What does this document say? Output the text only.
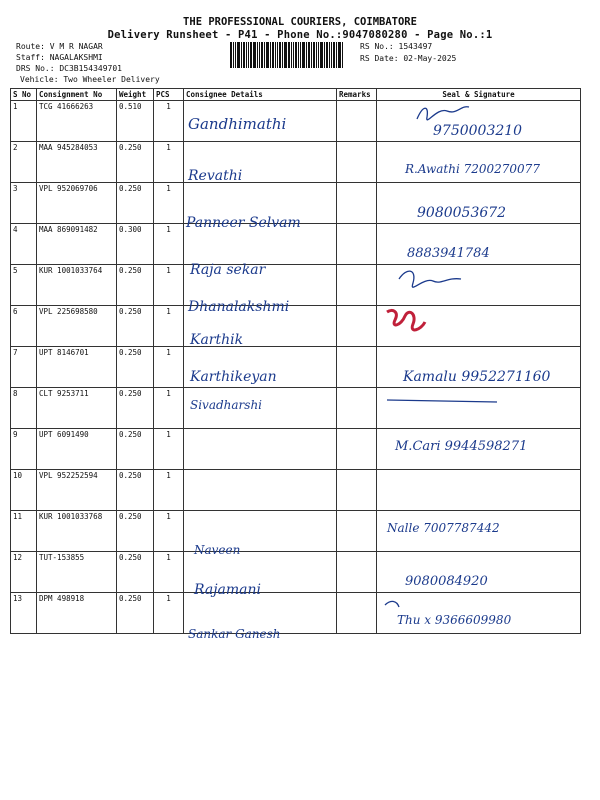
THE PROFESSIONAL COURIERS, COIMBATORE
Delivery Runsheet - P41 - Phone No.:9047080280 - Page No.:1
Route: V M R NAGAR
Staff: NAGALAKSHMI
DRS No.: DC3B154349701
Vehicle: Two Wheeler Delivery
RS No.: 1543497
RS Date: 02-May-2025
S No	Consignment No	Weight	PCS	Consignee Details	Remarks	Seal & Signature
1	TCG 41666263	0.510	1	Gandhimathi		9750003210

2	MAA 945284053	0.250	1	Revathi		R.Awathi 7200270077

3	VPL 952069706	0.250	1	Panneer Selvam		9080053672

4	MAA 869091482	0.300	1	Raja sekar		8883941784

5	KUR 1001033764	0.250	1	Dhanalakshmi

6	VPL 225698580	0.250	1	Karthik

7	UPT 8146701	0.250	1	Karthikeyan		Kamalu 9952271160

8	CLT 9253711	0.250	1	Sivadharshi

9	UPT 6091490	0.250	1			M.Cari 9944598271

10	VPL 952252594	0.250	1	

11	KUR 1001033768	0.250	1	Naveen		Nalle 7007787442

12	TUT-153855	0.250	1	Rajamani		9080084920

13	DPM 498918	0.250	1	Sankar Ganesh		Thu x 9366609980
